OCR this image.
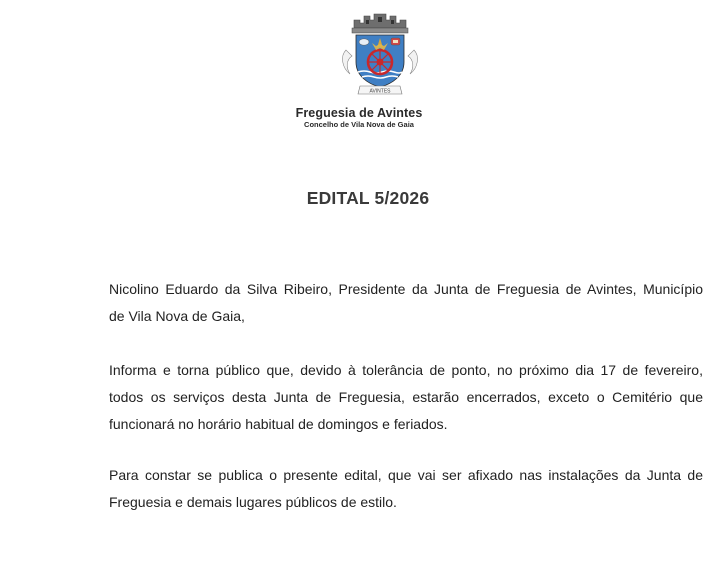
AVINTES
Freguesia de Avintes
Concelho de Vila Nova de Gaia
EDITAL 5/2026
Nicolino Eduardo da Silva Ribeiro, Presidente da Junta de Freguesia de Avintes, Município
de Vila Nova de Gaia,
Informa e torna público que, devido à tolerância de ponto, no próximo dia 17 de fevereiro,
todos os serviços desta Junta de Freguesia, estarão encerrados, exceto o Cemitério que
funcionará no horário habitual de domingos e feriados.
Para constar se publica o presente edital, que vai ser afixado nas instalações da Junta de
Freguesia e demais lugares públicos de estilo.
